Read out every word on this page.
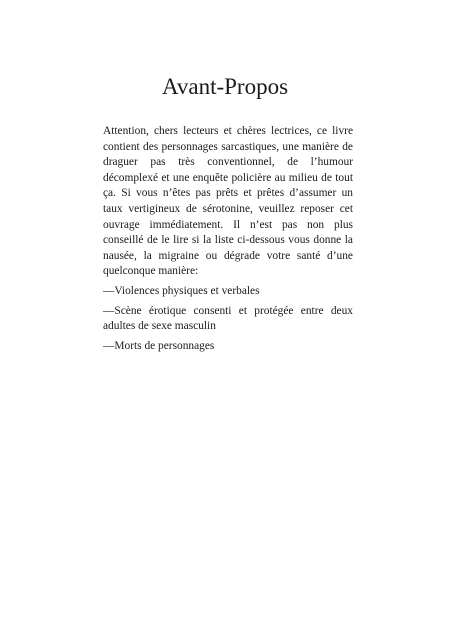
Avant-Propos

Attention, chers lecteurs et chères lectrices, ce livre contient des personnages sarcastiques, une manière de draguer pas très conventionnel, de l’humour décomplexé et une enquête policière au milieu de tout ça. Si vous n’êtes pas prêts et prêtes d’assumer un taux vertigineux de sérotonine, veuillez reposer cet ouvrage immédiatement. Il n’est pas non plus conseillé de le lire si la liste ci-dessous vous donne la nausée, la migraine ou dégrade votre santé d’une quelconque manière:

—Violences physiques et verbales
—Scène érotique consenti et protégée entre deux adultes de sexe masculin
—Morts de personnages
